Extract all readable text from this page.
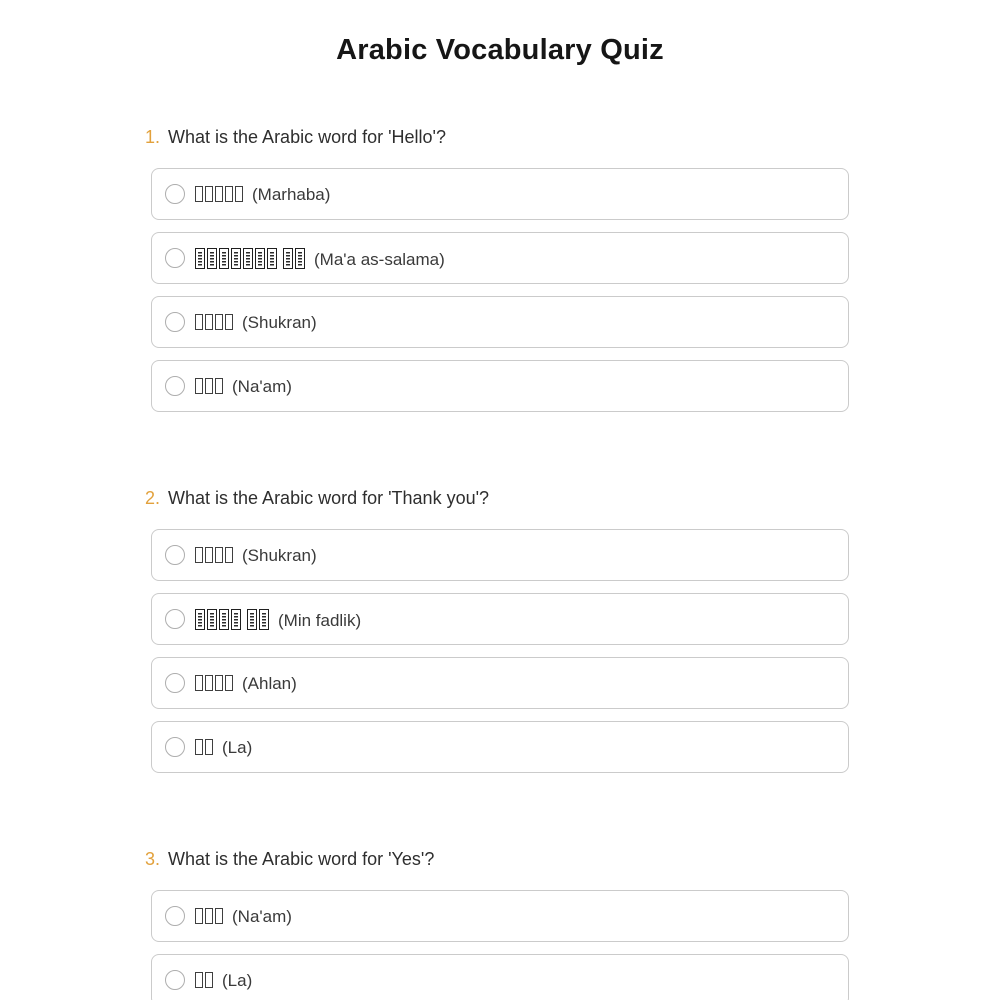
Arabic Vocabulary Quiz
1. What is the Arabic word for 'Hello'?
(Marhaba)
(Ma'a as-salama)
(Shukran)
(Na'am)
2. What is the Arabic word for 'Thank you'?
(Shukran)
(Min fadlik)
(Ahlan)
(La)
3. What is the Arabic word for 'Yes'?
(Na'am)
(La)
